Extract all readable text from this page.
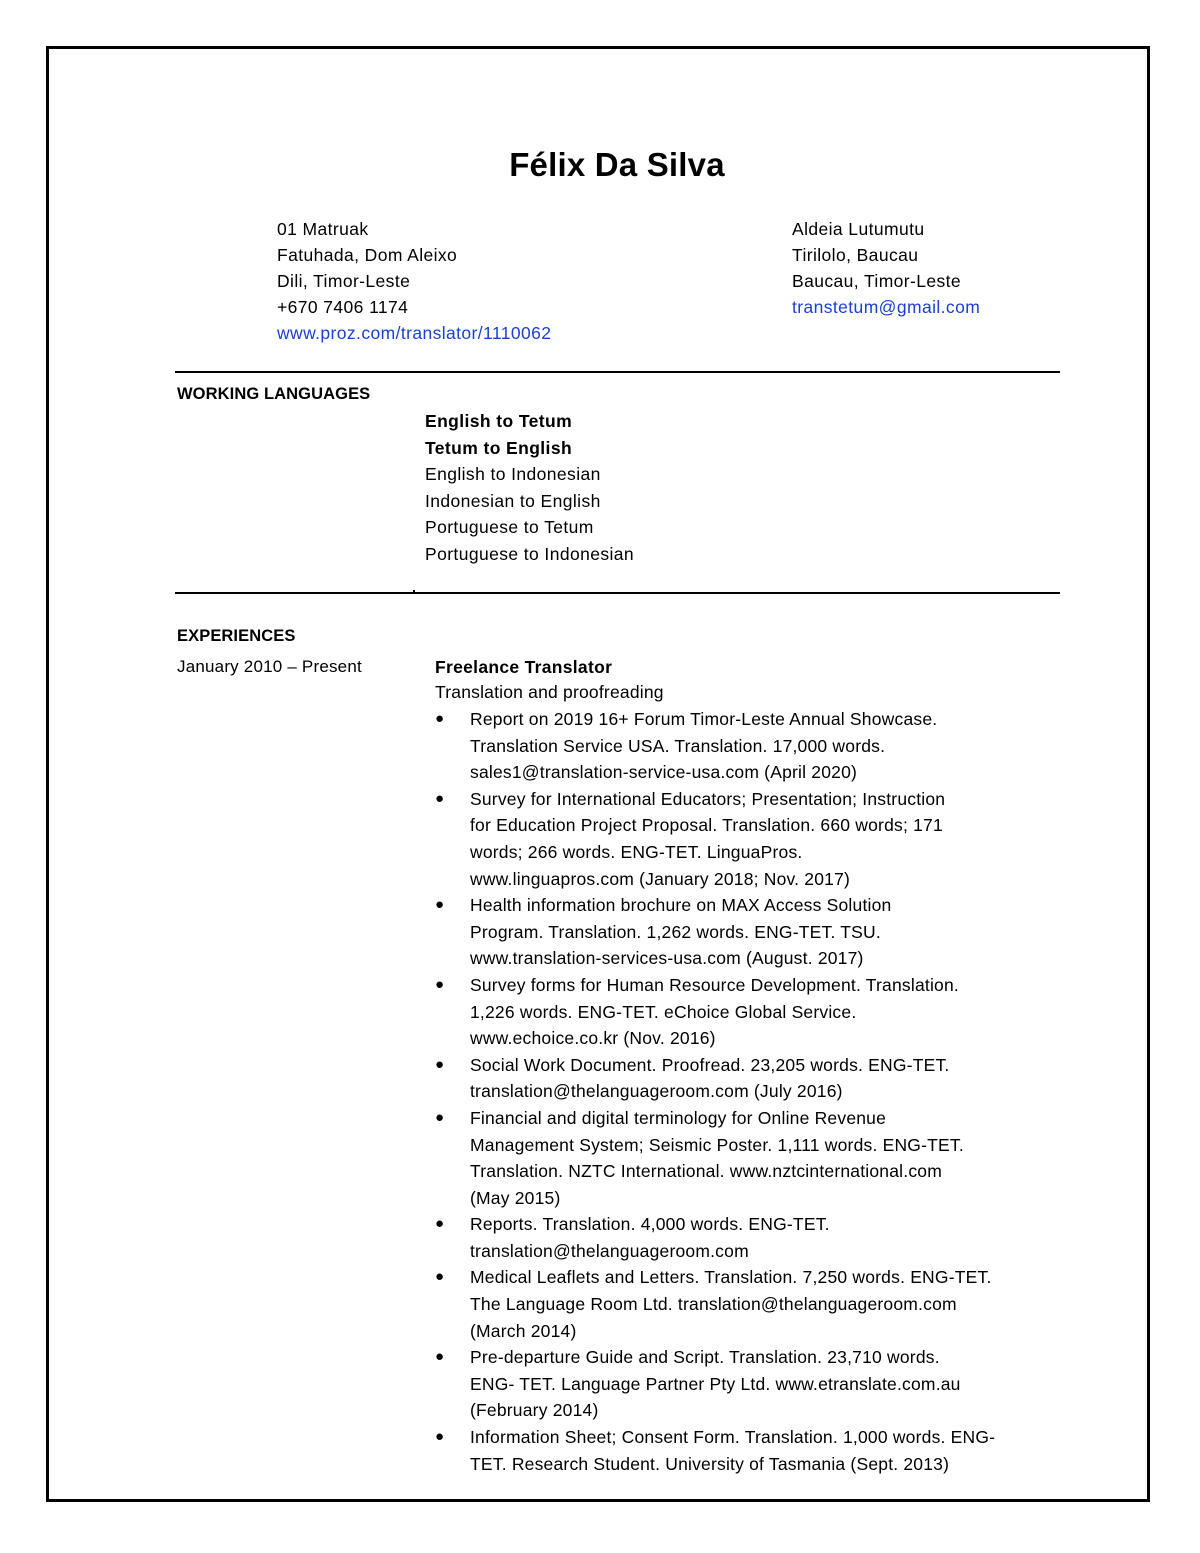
Félix Da Silva
01 Matruak
Fatuhada, Dom Aleixo
Dili, Timor-Leste
+670 7406 1174
www.proz.com/translator/1110062
Aldeia Lutumutu
Tirilolo, Baucau
Baucau, Timor-Leste
transtetum@gmail.com
WORKING LANGUAGES
English to Tetum
Tetum to English
English to Indonesian
Indonesian to English
Portuguese to Tetum
Portuguese to Indonesian
EXPERIENCES
January 2010 – Present	Freelance Translator
Translation and proofreading
● Report on 2019 16+ Forum Timor-Leste Annual Showcase.
Translation Service USA. Translation. 17,000 words.
sales1@translation-service-usa.com (April 2020)
● Survey for International Educators; Presentation; Instruction
for Education Project Proposal. Translation. 660 words; 171
words; 266 words. ENG-TET. LinguaPros.
www.linguapros.com (January 2018; Nov. 2017)
● Health information brochure on MAX Access Solution
Program. Translation. 1,262 words. ENG-TET. TSU.
www.translation-services-usa.com (August. 2017)
● Survey forms for Human Resource Development. Translation.
1,226 words. ENG-TET. eChoice Global Service.
www.echoice.co.kr (Nov. 2016)
● Social Work Document. Proofread. 23,205 words. ENG-TET.
translation@thelanguageroom.com (July 2016)
● Financial and digital terminology for Online Revenue
Management System; Seismic Poster. 1,111 words. ENG-TET.
Translation. NZTC International. www.nztcinternational.com
(May 2015)
● Reports. Translation. 4,000 words. ENG-TET.
translation@thelanguageroom.com
● Medical Leaflets and Letters. Translation. 7,250 words. ENG-TET.
The Language Room Ltd. translation@thelanguageroom.com
(March 2014)
● Pre-departure Guide and Script. Translation. 23,710 words.
ENG- TET. Language Partner Pty Ltd. www.etranslate.com.au
(February 2014)
● Information Sheet; Consent Form. Translation. 1,000 words. ENG-
TET. Research Student. University of Tasmania (Sept. 2013)
